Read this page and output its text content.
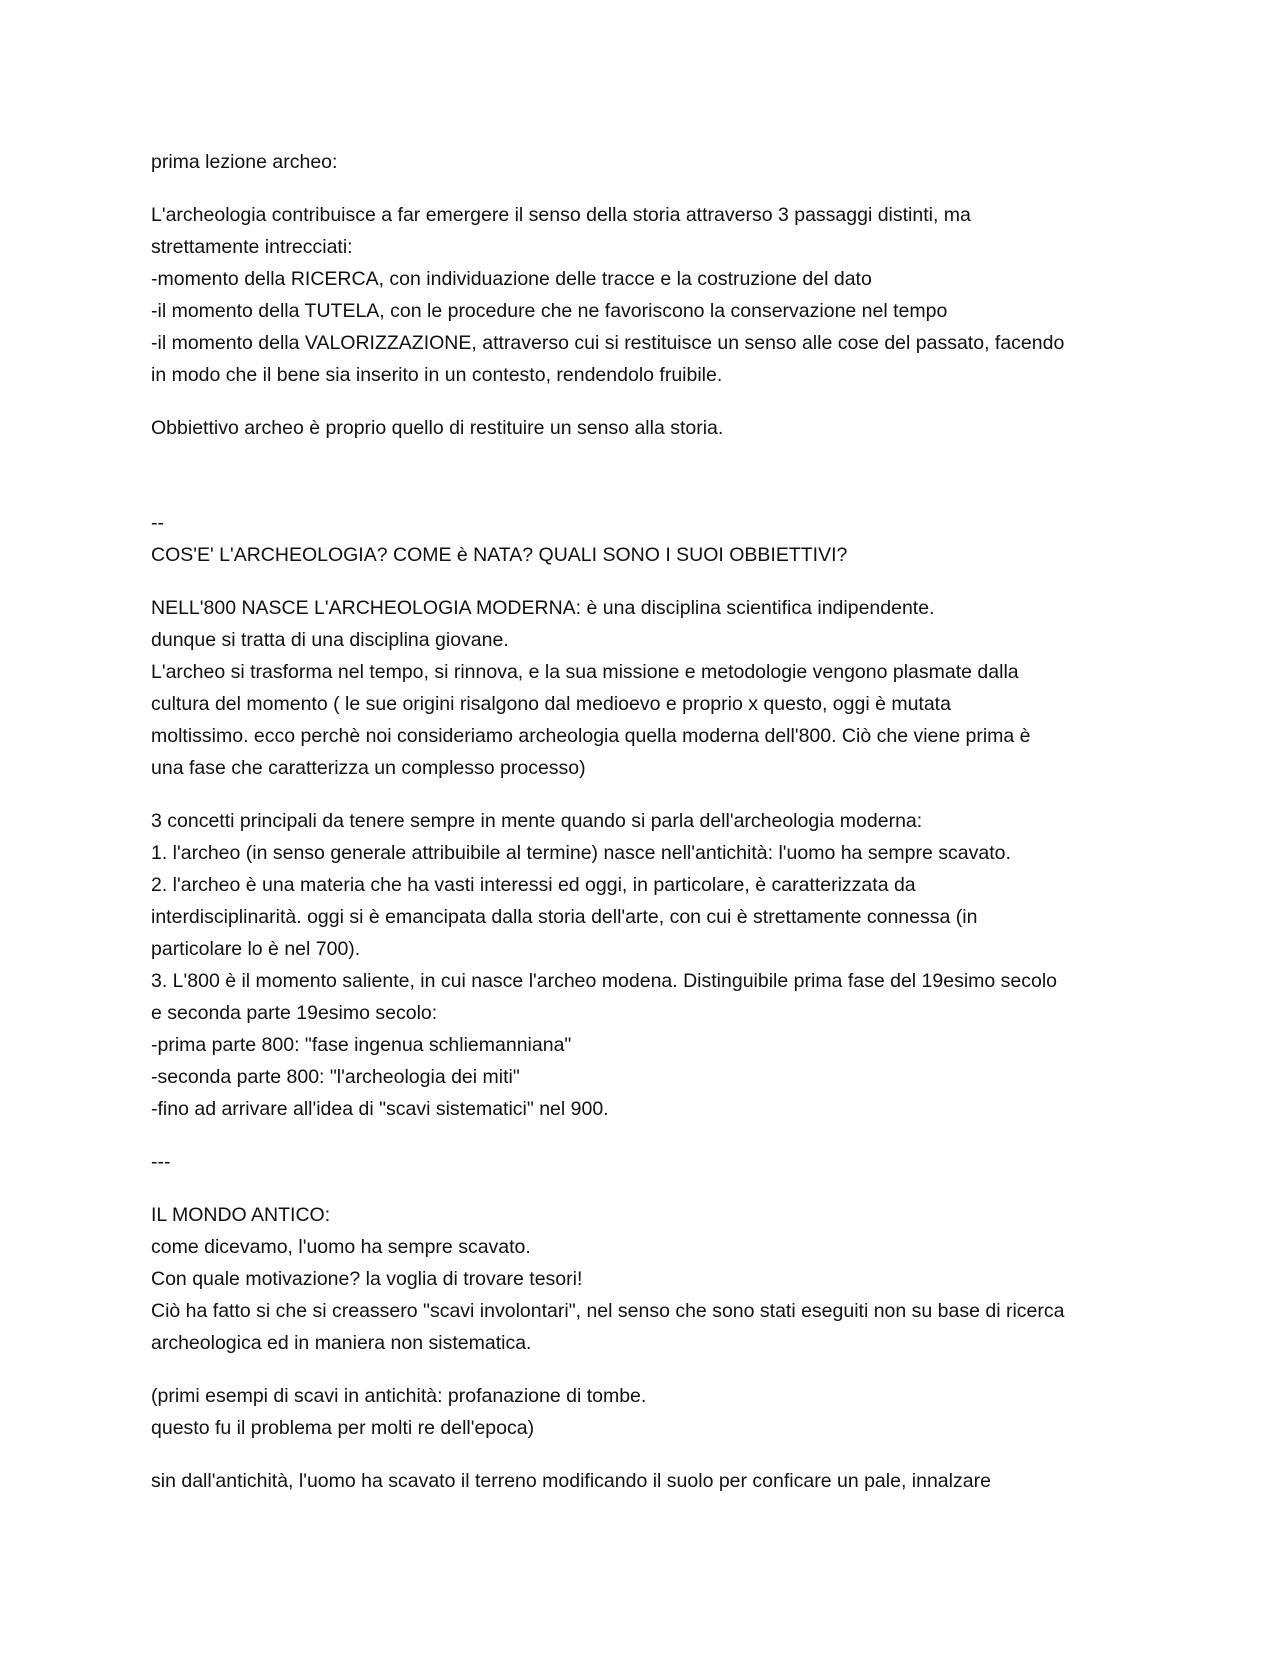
prima lezione archeo:
L'archeologia contribuisce a far emergere il senso della storia attraverso 3 passaggi distinti, ma
strettamente intrecciati:
-momento della RICERCA, con individuazione delle tracce e la costruzione del dato
-il momento della TUTELA, con le procedure che ne favoriscono la conservazione nel tempo
-il momento della VALORIZZAZIONE, attraverso cui si restituisce un senso alle cose del passato, facendo
in modo che il bene sia inserito in un contesto, rendendolo fruibile.
Obbiettivo archeo è proprio quello di restituire un senso alla storia.
--
COS'E' L'ARCHEOLOGIA? COME è NATA? QUALI SONO I SUOI OBBIETTIVI?
NELL'800 NASCE L'ARCHEOLOGIA MODERNA: è una disciplina scientifica indipendente.
dunque si tratta di una disciplina giovane.
L'archeo si trasforma nel tempo, si rinnova, e la sua missione e metodologie vengono plasmate dalla
cultura del momento ( le sue origini risalgono dal medioevo e proprio x questo, oggi è mutata
moltissimo. ecco perchè noi consideriamo archeologia quella moderna dell'800. Ciò che viene prima è
una fase che caratterizza un complesso processo)
3 concetti principali da tenere sempre in mente quando si parla dell'archeologia moderna:
1. l'archeo (in senso generale attribuibile al termine) nasce nell'antichità: l'uomo ha sempre scavato.
2. l'archeo è una materia che ha vasti interessi ed oggi, in particolare, è caratterizzata da
interdisciplinarità. oggi si è emancipata dalla storia dell'arte, con cui è strettamente connessa (in
particolare lo è nel 700).
3. L'800 è il momento saliente, in cui nasce l'archeo modena. Distinguibile prima fase del 19esimo secolo
e seconda parte 19esimo secolo:
-prima parte 800: "fase ingenua schliemanniana"
-seconda parte 800: "l'archeologia dei miti"
-fino ad arrivare all'idea di "scavi sistematici" nel 900.
---
IL MONDO ANTICO:
come dicevamo, l'uomo ha sempre scavato.
Con quale motivazione? la voglia di trovare tesori!
Ciò ha fatto si che si creassero "scavi involontari", nel senso che sono stati eseguiti non su base di ricerca
archeologica ed in maniera non sistematica.
(primi esempi di scavi in antichità: profanazione di tombe.
questo fu il problema per molti re dell'epoca)
sin dall'antichità, l'uomo ha scavato il terreno modificando il suolo per conficare un pale, innalzare
